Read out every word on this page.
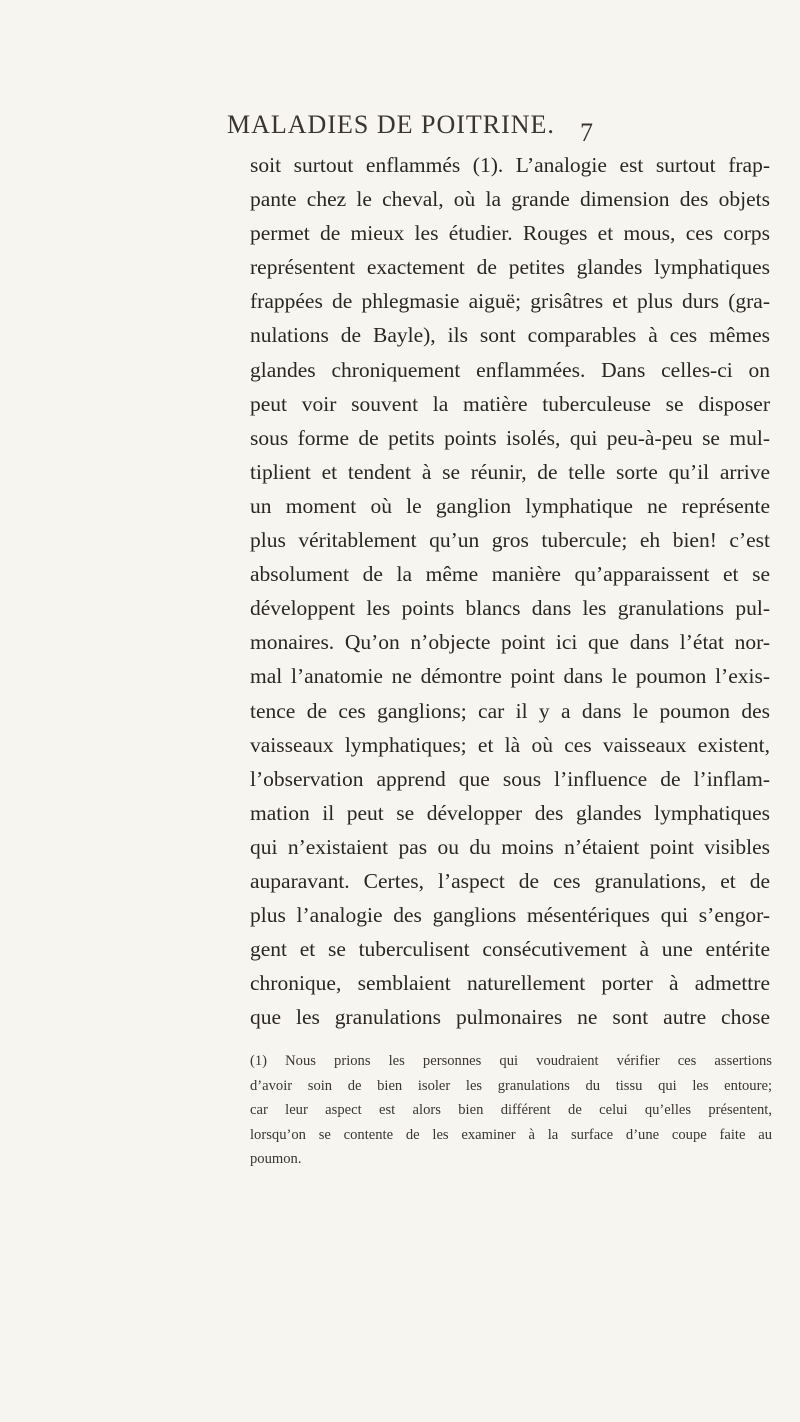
MALADIES DE POITRINE. 7
soit surtout enflammés (1). L’analogie est surtout frap-
pante chez le cheval, où la grande dimension des objets
permet de mieux les étudier. Rouges et mous, ces corps
représentent exactement de petites glandes lymphatiques
frappées de phlegmasie aiguë; grisâtres et plus durs (gra-
nulations de Bayle), ils sont comparables à ces mêmes
glandes chroniquement enflammées. Dans celles-ci on
peut voir souvent la matière tuberculeuse se disposer
sous forme de petits points isolés, qui peu-à-peu se mul-
tiplient et tendent à se réunir, de telle sorte qu’il arrive
un moment où le ganglion lymphatique ne représente
plus véritablement qu’un gros tubercule; eh bien! c’est
absolument de la même manière qu’apparaissent et se
développent les points blancs dans les granulations pul-
monaires. Qu’on n’objecte point ici que dans l’état nor-
mal l’anatomie ne démontre point dans le poumon l’exis-
tence de ces ganglions; car il y a dans le poumon des
vaisseaux lymphatiques; et là où ces vaisseaux existent,
l’observation apprend que sous l’influence de l’inflam-
mation il peut se développer des glandes lymphatiques
qui n’existaient pas ou du moins n’étaient point visibles
auparavant. Certes, l’aspect de ces granulations, et de
plus l’analogie des ganglions mésentériques qui s’engor-
gent et se tuberculisent consécutivement à une entérite
chronique, semblaient naturellement porter à admettre
que les granulations pulmonaires ne sont autre chose
(1) Nous prions les personnes qui voudraient vérifier ces assertions
d’avoir soin de bien isoler les granulations du tissu qui les entoure;
car leur aspect est alors bien différent de celui qu’elles présentent,
lorsqu’on se contente de les examiner à la surface d’une coupe faite au
poumon.
